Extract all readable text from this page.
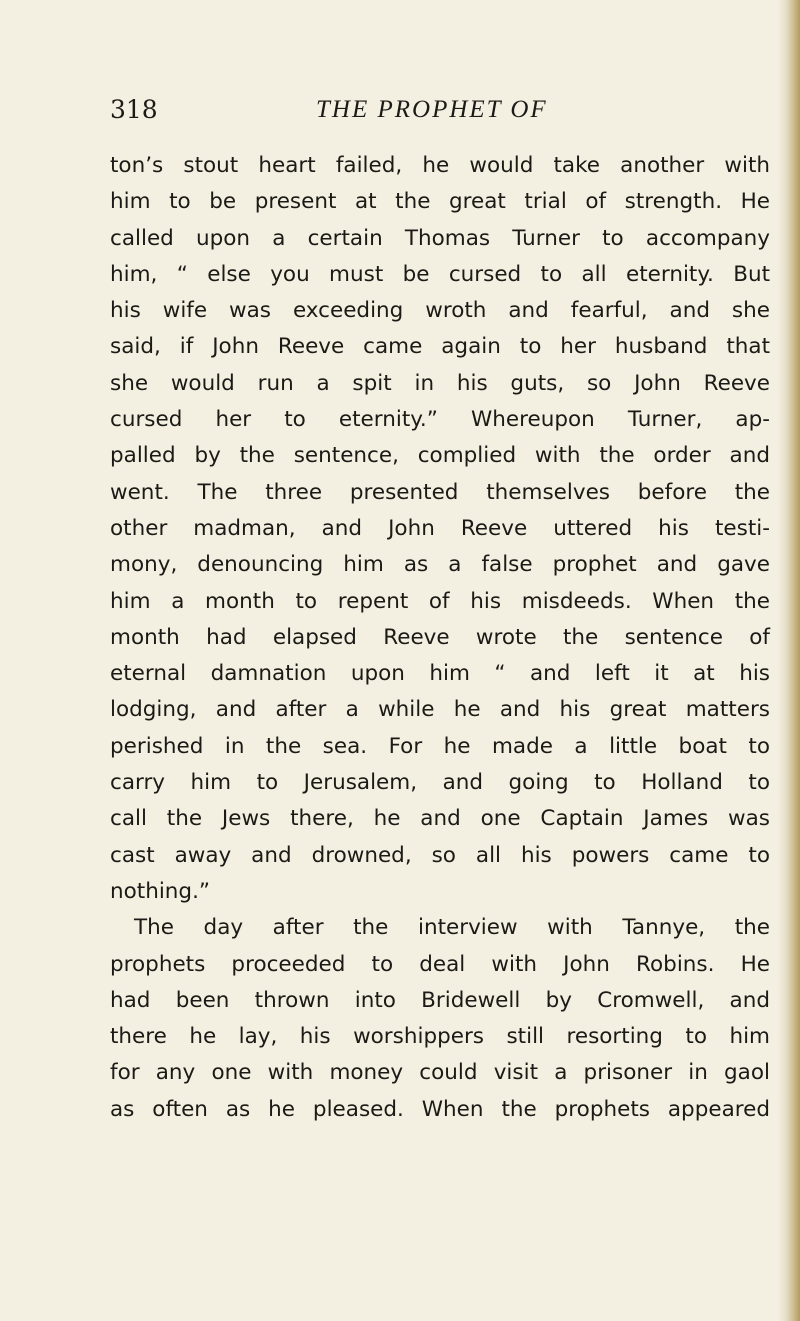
318	THE PROPHET OF
ton’s stout heart failed, he would take another with
him to be present at the great trial of strength. He
called upon a certain Thomas Turner to accompany
him, “ else you must be cursed to all eternity. But
his wife was exceeding wroth and fearful, and she
said, if John Reeve came again to her husband that
she would run a spit in his guts, so John Reeve
cursed her to eternity.” Whereupon Turner, ap-
palled by the sentence, complied with the order and
went. The three presented themselves before the
other madman, and John Reeve uttered his testi-
mony, denouncing him as a false prophet and gave
him a month to repent of his misdeeds. When the
month had elapsed Reeve wrote the sentence of
eternal damnation upon him “ and left it at his
lodging, and after a while he and his great matters
perished in the sea. For he made a little boat to
carry him to Jerusalem, and going to Holland to
call the Jews there, he and one Captain James was
cast away and drowned, so all his powers came to
nothing.”
The day after the interview with Tannye, the
prophets proceeded to deal with John Robins. He
had been thrown into Bridewell by Cromwell, and
there he lay, his worshippers still resorting to him
for any one with money could visit a prisoner in gaol
as often as he pleased. When the prophets appeared
